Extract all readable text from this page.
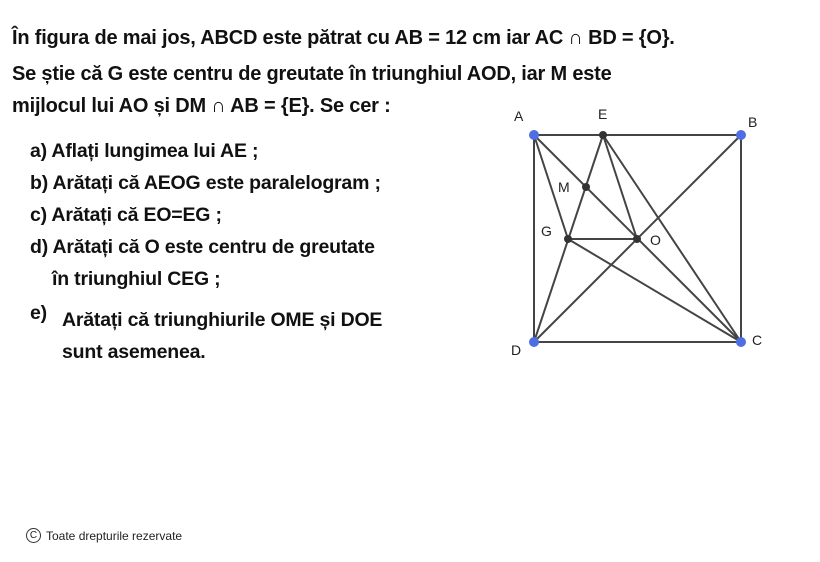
În figura de mai jos, ABCD este pătrat cu AB = 12 cm iar AC ∩ BD = {O}.
Se știe că G este centru de greutate în triunghiul AOD, iar M este
mijlocul lui AO și DM ∩ AB = {E}. Se cer :
a) Aflați lungimea lui AE ;
b) Arătați că AEOG este paralelogram ;
c) Arătați că EO=EG ;
d) Arătați că O este centru de greutate
în triunghiul CEG ;
e) Arătați că triunghiurile OME și DOE
sunt asemenea.
A	E	B
C
D
M
G
O
C Toate drepturile rezervate
